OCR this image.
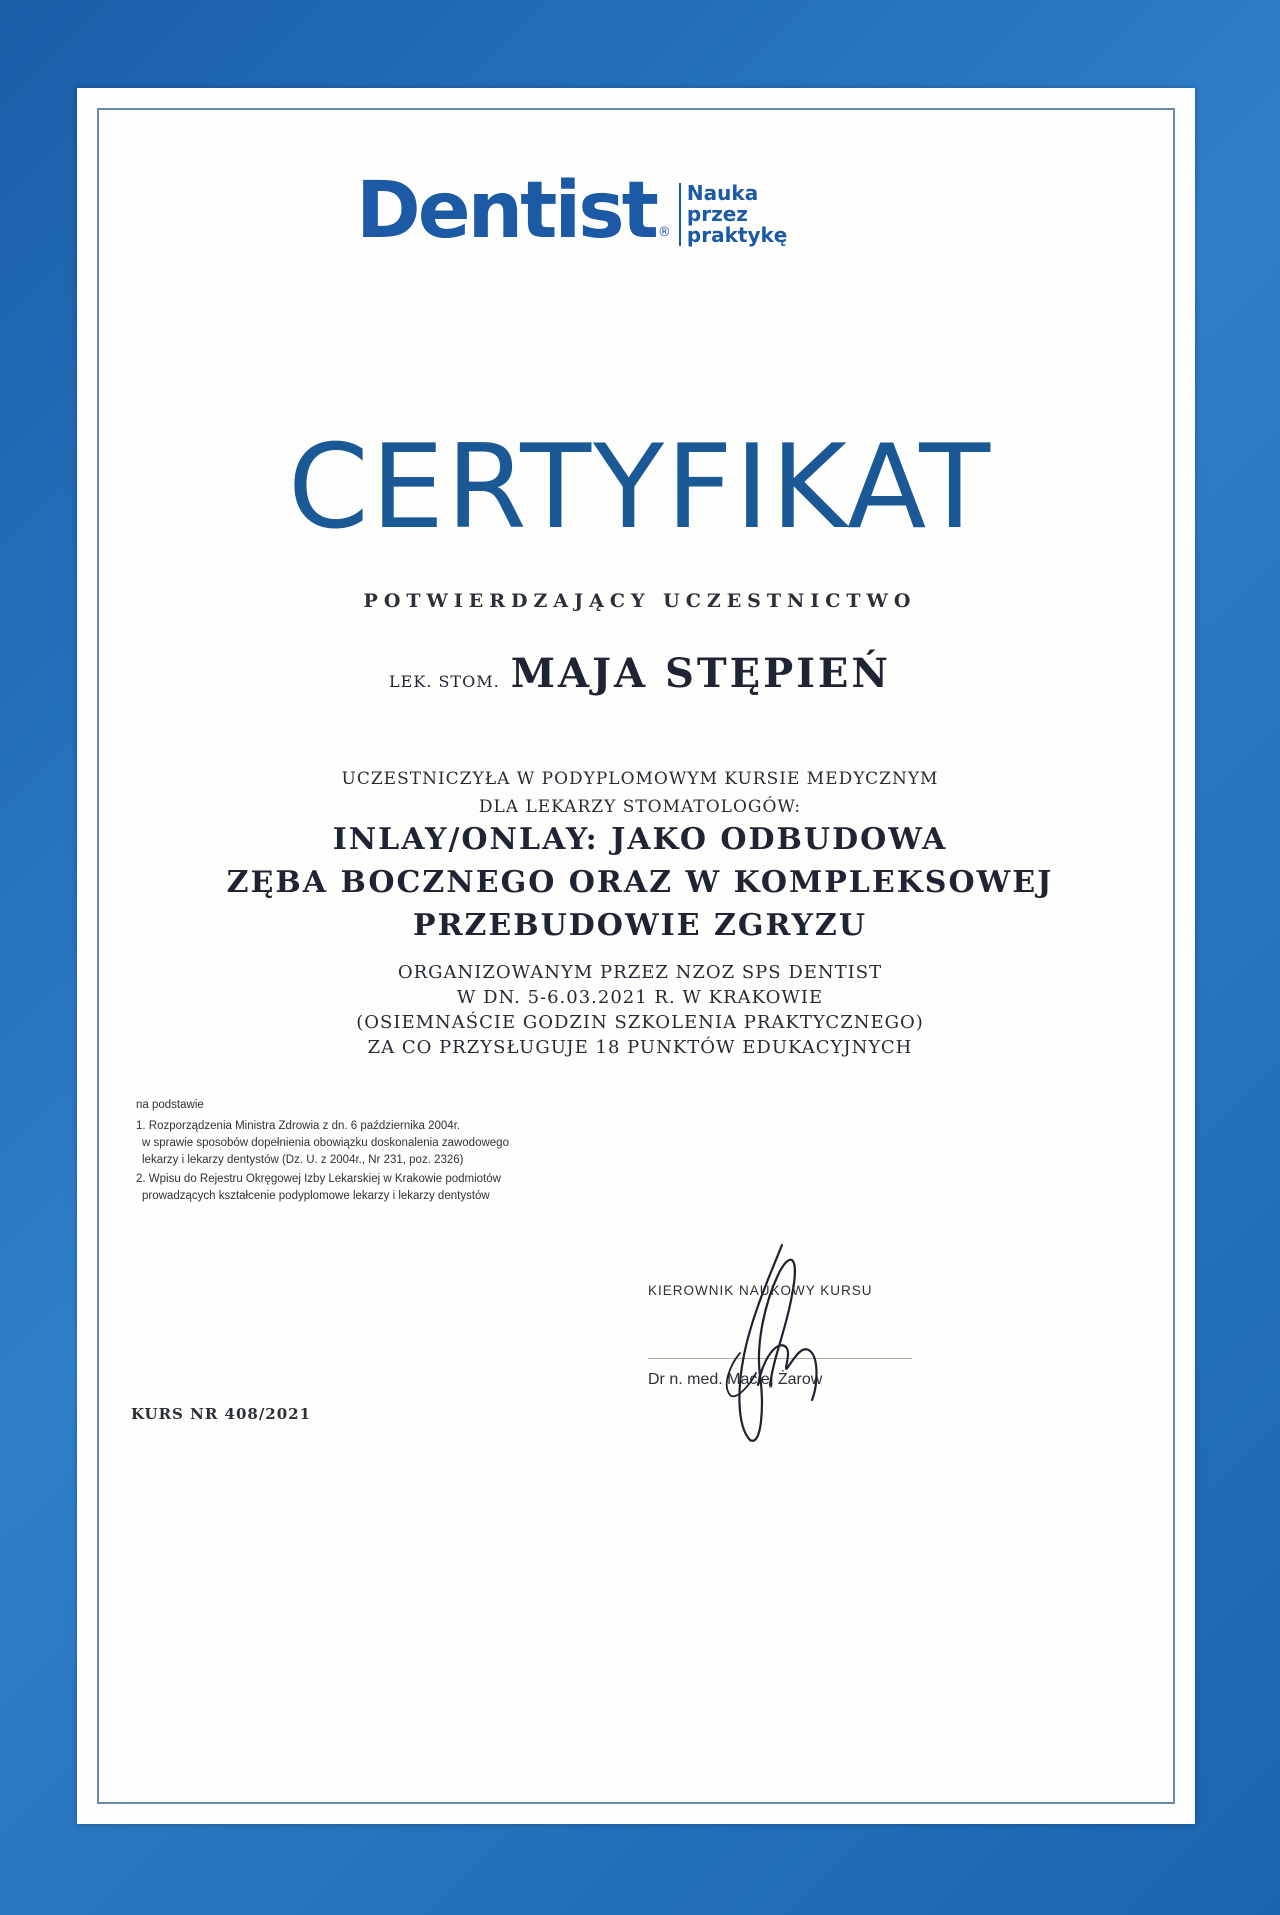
Dentist ®
Nauka
przez
praktykę
CERTYFIKAT
POTWIERDZAJĄCY UCZESTNICTWO
LEK. STOM. MAJA STĘPIEŃ
UCZESTNICZYŁA W PODYPLOMOWYM KURSIE MEDYCZNYM
DLA LEKARZY STOMATOLOGÓW:
INLAY/ONLAY: JAKO ODBUDOWA
ZĘBA BOCZNEGO ORAZ W KOMPLEKSOWEJ
PRZEBUDOWIE ZGRYZU
ORGANIZOWANYM PRZEZ NZOZ SPS DENTIST
W DN. 5-6.03.2021 R. W KRAKOWIE
(OSIEMNAŚCIE GODZIN SZKOLENIA PRAKTYCZNEGO)
ZA CO PRZYSŁUGUJE 18 PUNKTÓW EDUKACYJNYCH
na podstawie
1. Rozporządzenia Ministra Zdrowia z dn. 6 października 2004r.
w sprawie sposobów dopełnienia obowiązku doskonalenia zawodowego
lekarzy i lekarzy dentystów (Dz. U. z 2004r., Nr 231, poz. 2326)
2. Wpisu do Rejestru Okręgowej Izby Lekarskiej w Krakowie podmiotów
prowadzących kształcenie podyplomowe lekarzy i lekarzy dentystów
KIEROWNIK NAUKOWY KURSU
Dr n. med. Maciej Żarow
KURS NR 408/2021
